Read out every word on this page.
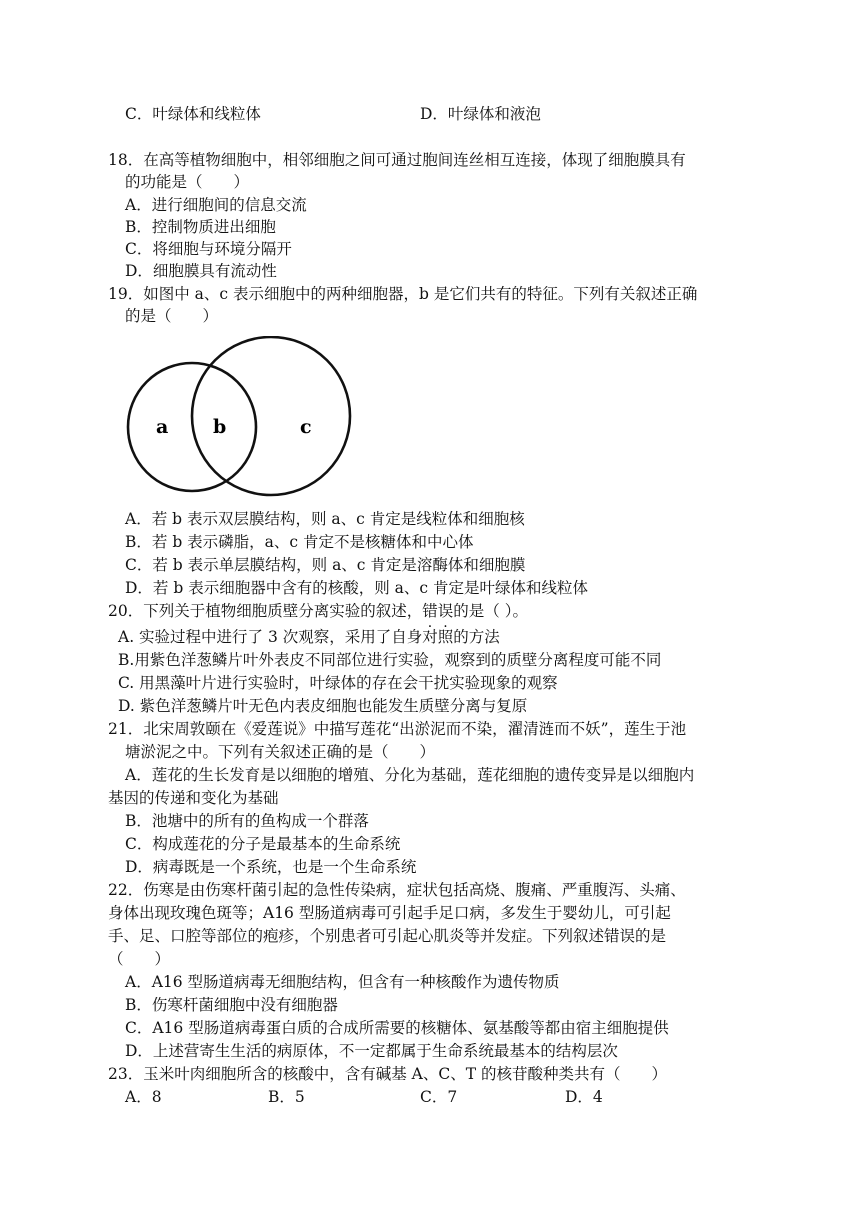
C．叶绿体和线粒体	D．叶绿体和液泡
18．在高等植物细胞中，相邻细胞之间可通过胞间连丝相互连接，体现了细胞膜具有
的功能是（　　）
A．进行细胞间的信息交流
B．控制物质进出细胞
C．将细胞与环境分隔开
D．细胞膜具有流动性
19．如图中 a、c 表示细胞中的两种细胞器，b 是它们共有的特征。下列有关叙述正确
的是（　　）
a b	c
A．若 b 表示双层膜结构，则 a、c 肯定是线粒体和细胞核
B．若 b 表示磷脂，a、c 肯定不是核糖体和中心体
C．若 b 表示单层膜结构，则 a、c 肯定是溶酶体和细胞膜
D．若 b 表示细胞器中含有的核酸，则 a、c 肯定是叶绿体和线粒体
20．下列关于植物细胞质壁分离实验的叙述，错误的是（ ）。
A. 实验过程中进行了 3 次观察，采用了自身对照的方法
B.用紫色洋葱鳞片叶外表皮不同部位进行实验，观察到的质壁分离程度可能不同
C. 用黑藻叶片进行实验时，叶绿体的存在会干扰实验现象的观察
D. 紫色洋葱鳞片叶无色内表皮细胞也能发生质壁分离与复原
21．北宋周敦颐在《爱莲说》中描写莲花“出淤泥而不染，濯清涟而不妖”，莲生于池
塘淤泥之中。下列有关叙述正确的是（　　）
A．莲花的生长发育是以细胞的增殖、分化为基础，莲花细胞的遗传变异是以细胞内
基因的传递和变化为基础
B．池塘中的所有的鱼构成一个群落
C．构成莲花的分子是最基本的生命系统
D．病毒既是一个系统，也是一个生命系统
22．伤寒是由伤寒杆菌引起的急性传染病，症状包括高烧、腹痛、严重腹泻、头痛、
身体出现玫瑰色斑等；A16 型肠道病毒可引起手足口病，多发生于婴幼儿，可引起
手、足、口腔等部位的疱疹，个别患者可引起心肌炎等并发症。下列叙述错误的是
（　　）
A．A16 型肠道病毒无细胞结构，但含有一种核酸作为遗传物质
B．伤寒杆菌细胞中没有细胞器
C．A16 型肠道病毒蛋白质的合成所需要的核糖体、氨基酸等都由宿主细胞提供
D．上述营寄生生活的病原体，不一定都属于生命系统最基本的结构层次
23．玉米叶肉细胞所含的核酸中，含有碱基 A、C、T 的核苷酸种类共有（　　）
A．8	B．5	C．7	D．4
